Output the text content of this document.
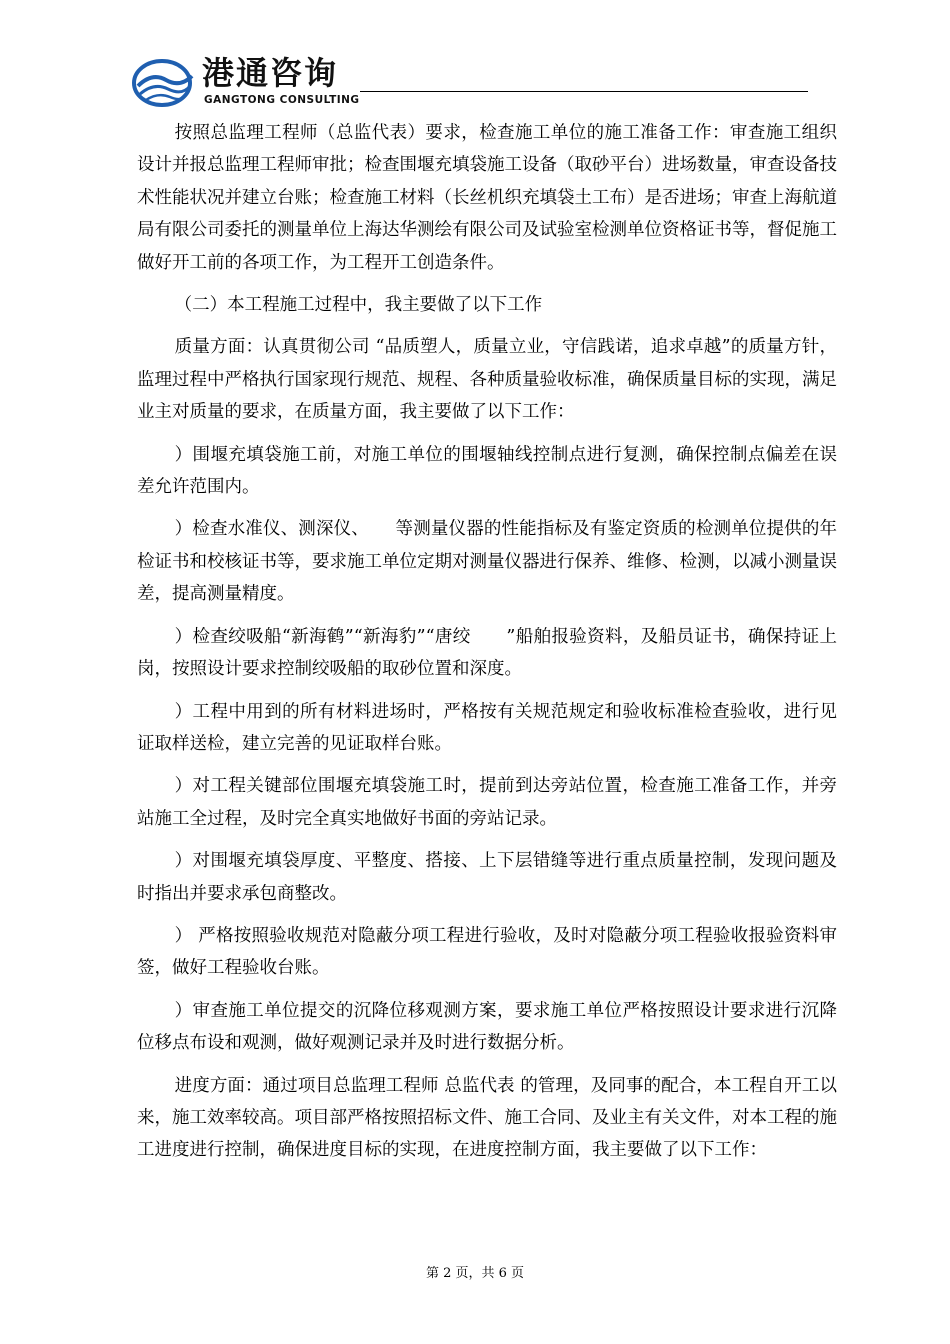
港通咨询
GANGTONG CONSULTING

按照总监理工程师（总监代表）要求，检查施工单位的施工准备工作：审查施工组织设计并报总监理工程师审批；检查围堰充填袋施工设备（取砂平台）进场数量，审查设备技术性能状况并建立台账；检查施工材料（长丝机织充填袋土工布）是否进场；审查上海航道局有限公司委托的测量单位上海达华测绘有限公司及试验室检测单位资格证书等，督促施工做好开工前的各项工作，为工程开工创造条件。

（二）本工程施工过程中，我主要做了以下工作

质量方面：认真贯彻公司 “品质塑人，质量立业，守信践诺，追求卓越”的质量方针，监理过程中严格执行国家现行规范、规程、各种质量验收标准，确保质量目标的实现，满足业主对质量的要求，在质量方面，我主要做了以下工作：

）围堰充填袋施工前，对施工单位的围堰轴线控制点进行复测，确保控制点偏差在误差允许范围内。

）检查水准仪、测深仪、　　等测量仪器的性能指标及有鉴定资质的检测单位提供的年检证书和校核证书等，要求施工单位定期对测量仪器进行保养、维修、检测，以减小测量误差，提高测量精度。

）检查绞吸船“新海鹤”“新海豹”“唐绞　　”船舶报验资料，及船员证书，确保持证上岗，按照设计要求控制绞吸船的取砂位置和深度。

）工程中用到的所有材料进场时，严格按有关规范规定和验收标准检查验收，进行见证取样送检，建立完善的见证取样台账。

）对工程关键部位围堰充填袋施工时，提前到达旁站位置，检查施工准备工作，并旁站施工全过程，及时完全真实地做好书面的旁站记录。

）对围堰充填袋厚度、平整度、搭接、上下层错缝等进行重点质量控制，发现问题及时指出并要求承包商整改。

） 严格按照验收规范对隐蔽分项工程进行验收，及时对隐蔽分项工程验收报验资料审签，做好工程验收台账。

）审查施工单位提交的沉降位移观测方案，要求施工单位严格按照设计要求进行沉降位移点布设和观测，做好观测记录并及时进行数据分析。

进度方面：通过项目总监理工程师 总监代表 的管理，及同事的配合，本工程自开工以来，施工效率较高。项目部严格按照招标文件、施工合同、及业主有关文件，对本工程的施工进度进行控制，确保进度目标的实现，在进度控制方面，我主要做了以下工作：

第 2 页，共 6 页
